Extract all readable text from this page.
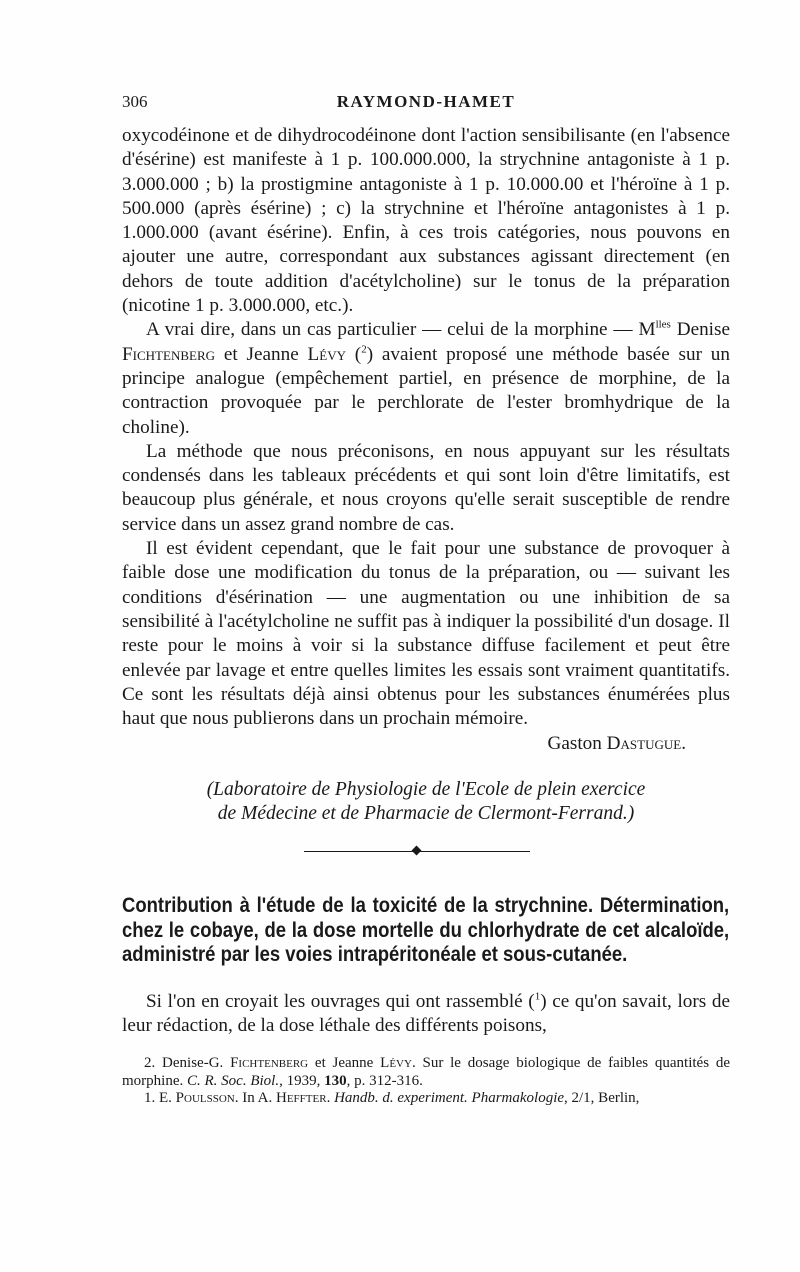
306	RAYMOND-HAMET

oxycodéinone et de dihydrocodéinone dont l'action sensibilisante (en l'absence d'ésérine) est manifeste à 1 p. 100.000.000, la strychnine antagoniste à 1 p. 3.000.000 ; b) la prostigmine antagoniste à 1 p. 10.000.00 et l'héroïne à 1 p. 500.000 (après ésérine) ; c) la strychnine et l'héroïne antagonistes à 1 p. 1.000.000 (avant ésérine). Enfin, à ces trois catégories, nous pouvons en ajouter une autre, correspondant aux substances agissant directement (en dehors de toute addition d'acétylcholine) sur le tonus de la préparation (nicotine 1 p. 3.000.000, etc.).

A vrai dire, dans un cas particulier — celui de la morphine — $M^{lles}$ Denise Fichtenberg et Jeanne Lévy ($^2$) avaient proposé une méthode basée sur un principe analogue (empêchement partiel, en présence de morphine, de la contraction provoquée par le perchlorate de l'ester bromhydrique de la choline).

La méthode que nous préconisons, en nous appuyant sur les résultats condensés dans les tableaux précédents et qui sont loin d'être limitatifs, est beaucoup plus générale, et nous croyons qu'elle serait susceptible de rendre service dans un assez grand nombre de cas.

Il est évident cependant, que le fait pour une substance de provoquer à faible dose une modification du tonus de la préparation, ou — suivant les conditions d'ésérination — une augmentation ou une inhibition de sa sensibilité à l'acétylcholine ne suffit pas à indiquer la possibilité d'un dosage. Il reste pour le moins à voir si la substance diffuse facilement et peut être enlevée par lavage et entre quelles limites les essais sont vraiment quantitatifs. Ce sont les résultats déjà ainsi obtenus pour les substances énumérées plus haut que nous publierons dans un prochain mémoire.

Gaston Dastugue.

(Laboratoire de Physiologie de l'Ecole de plein exercice
de Médecine et de Pharmacie de Clermont-Ferrand.)
Contribution à l'étude de la toxicité de la strychnine. Détermination, chez le cobaye, de la dose mortelle du chlorhydrate de cet alcaloïde, administré par les voies intrapéritonéale et sous-cutanée.

Si l'on en croyait les ouvrages qui ont rassemblé ($^1$) ce qu'on savait, lors de leur rédaction, de la dose léthale des différents poisons,

2. Denise-G. Fichtenberg et Jeanne Lévy. Sur le dosage biologique de faibles quantités de morphine. C. R. Soc. Biol., 1939, 130, p. 312-316.

1. E. Poulsson. In A. Heffter. Handb. d. experiment. Pharmakologie, 2/1, Berlin,
